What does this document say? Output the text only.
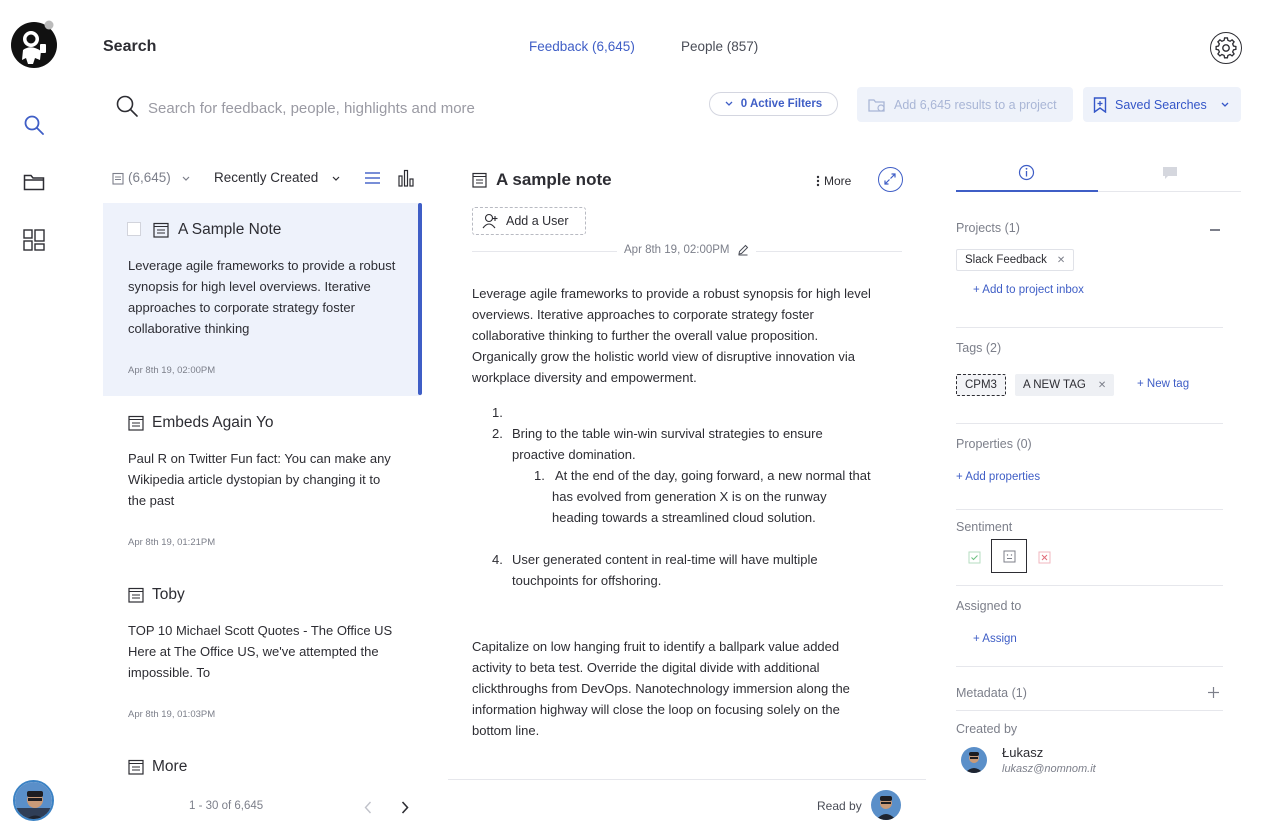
Search	Feedback (6,645)	People (857)
Search for feedback, people, highlights and more
0 Active Filters	Add 6,645 results to a project	Saved Searches
(6,645)	Recently Created
A Sample Note
Leverage agile frameworks to provide a robust synopsis for high level overviews. Iterative approaches to corporate strategy foster collaborative thinking
Apr 8th 19, 02:00PM
Embeds Again Yo
Paul R on Twitter Fun fact: You can make any Wikipedia article dystopian by changing it to the past
Apr 8th 19, 01:21PM
Toby
TOP 10 Michael Scott Quotes - The Office US Here at The Office US, we've attempted the impossible. To
Apr 8th 19, 01:03PM
More
1 - 30 of 6,645
A sample note	More
Add a User
Apr 8th 19, 02:00PM
Leverage agile frameworks to provide a robust synopsis for high level overviews. Iterative approaches to corporate strategy foster collaborative thinking to further the overall value proposition. Organically grow the holistic world view of disruptive innovation via workplace diversity and empowerment.
1.
2. Bring to the table win-win survival strategies to ensure proactive domination.
1. At the end of the day, going forward, a new normal that has evolved from generation X is on the runway heading towards a streamlined cloud solution.
4. User generated content in real-time will have multiple touchpoints for offshoring.
Capitalize on low hanging fruit to identify a ballpark value added activity to beta test. Override the digital divide with additional clickthroughs from DevOps. Nanotechnology immersion along the information highway will close the loop on focusing solely on the bottom line.
Read by
Projects (1)
Slack Feedback ✕
+ Add to project inbox
Tags (2)
CPM3 A NEW TAG ✕	+ New tag
Properties (0)
+ Add properties
Sentiment
Assigned to
+ Assign
Metadata (1)
Created by
Łukasz
lukasz@nomnom.it
